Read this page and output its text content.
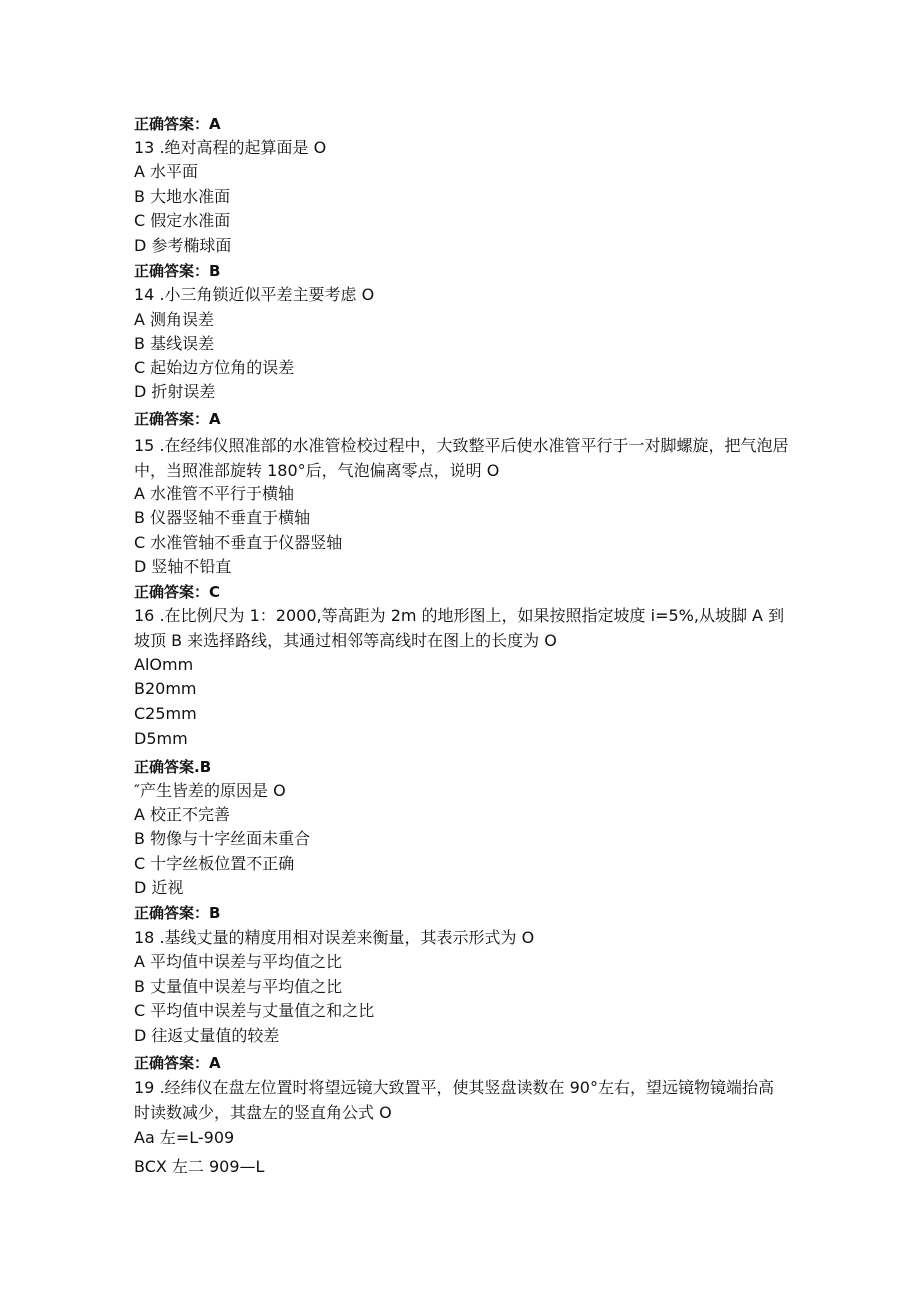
正确答案：A
13 .绝对高程的起算面是 O
A 水平面
B 大地水准面
C 假定水准面
D 参考椭球面
正确答案：B
14 .小三角锁近似平差主要考虑 O
A 测角误差
B 基线误差
C 起始边方位角的误差
D 折射误差
正确答案：A
15 .在经纬仪照准部的水准管检校过程中，大致整平后使水准管平行于一对脚螺旋，把气泡居中，当照准部旋转 180°后，气泡偏离零点，说明 O
A 水准管不平行于横轴
B 仪器竖轴不垂直于横轴
C 水准管轴不垂直于仪器竖轴
D 竖轴不铅直
正确答案：C
16 .在比例尺为 1：2000,等高距为 2m 的地形图上，如果按照指定坡度 i=5%,从坡脚 A 到坡顶 B 来选择路线，其通过相邻等高线时在图上的长度为 O
AlOmm
B20mm
C25mm
D5mm
正确答案.B
″产生皆差的原因是 O
A 校正不完善
B 物像与十字丝面未重合
C 十字丝板位置不正确
D 近视
正确答案：B
18 .基线丈量的精度用相对误差来衡量，其表示形式为 O
A 平均值中误差与平均值之比
B 丈量值中误差与平均值之比
C 平均值中误差与丈量值之和之比
D 往返丈量值的较差
正确答案：A
19 .经纬仪在盘左位置时将望远镜大致置平，使其竖盘读数在 90°左右，望远镜物镜端抬高时读数减少，其盘左的竖直角公式 O
Aa 左=L-909
BCX 左二 909—L
